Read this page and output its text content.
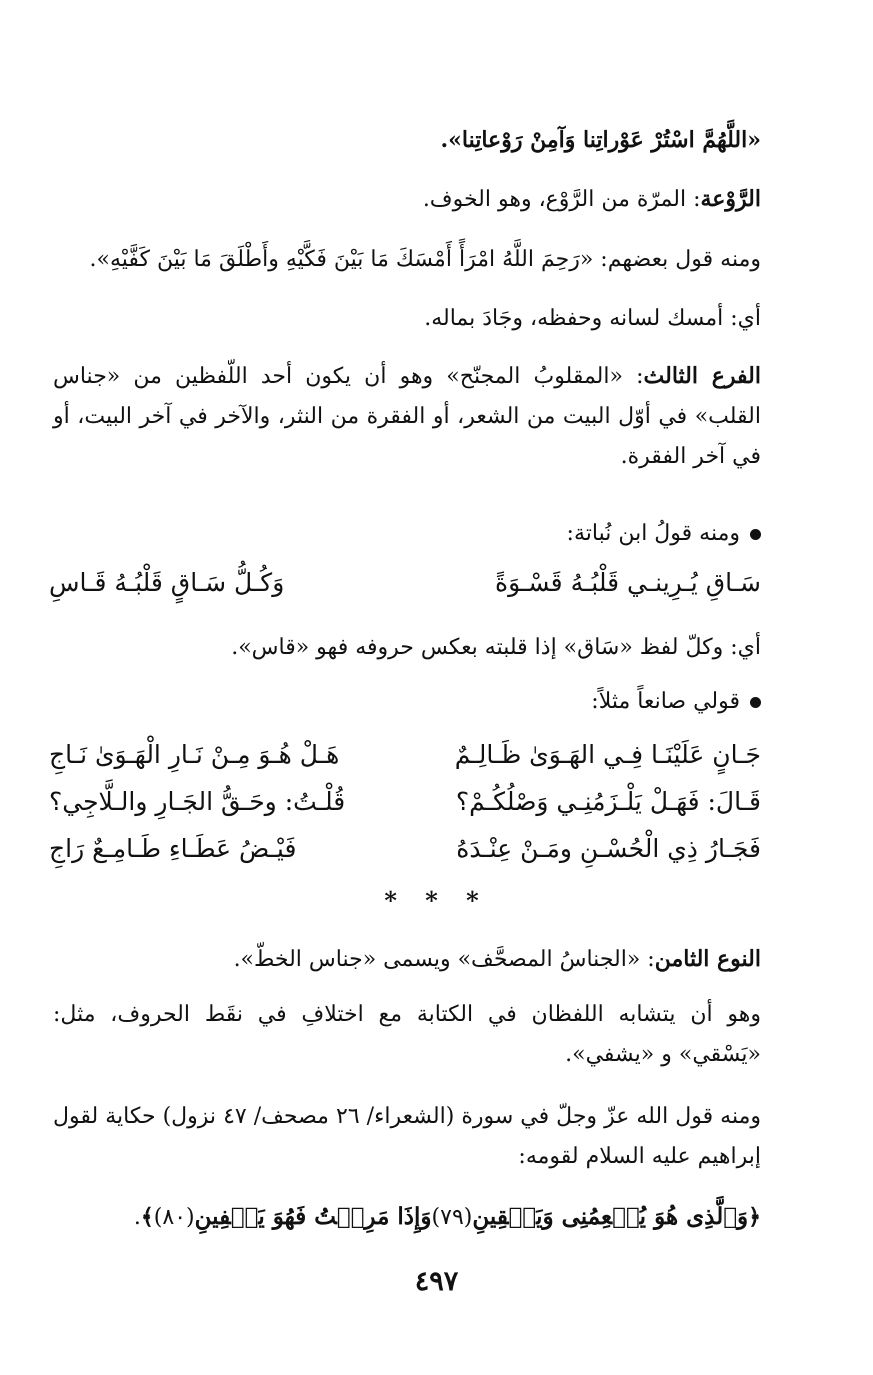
«اللَّهُمَّ اسْتُرْ عَوْراتِنا وَآمِنْ رَوْعاتِنا».
الرَّوْعة: المرّة من الرَّوْع، وهو الخوف.
ومنه قول بعضهم: «رَحِمَ اللَّهُ امْرَأً أَمْسَكَ مَا بَيْنَ فَكَّيْهِ وأَطْلَقَ مَا بَيْنَ كَفَّيْهِ».
أي: أمسك لسانه وحفظه، وجَادَ بماله.
الفرع الثالث: «المقلوبُ المجنّح» وهو أن يكون أحد اللّفظين من «جناس القلب» في أوّل البيت من الشعر، أو الفقرة من النثر، والآخر في آخر البيت، أو في آخر الفقرة.
ومنه قولُ ابن نُباتة:
سَـاقِ يُـرِينـي قَلْبُـهُ قَسْـوَةً
وَكُـلُّ سَـاقٍ قَلْبُـهُ قَـاسِ
أي: وكلّ لفظ «سَاق» إذا قلبته بعكس حروفه فهو «قاس».
قولي صانعاً مثلاً:
جَـانٍ عَلَيْنَـا فِـي الهَـوَىٰ ظَـالِـمٌ
هَـلْ هُـوَ مِـنْ نَـارِ الْهَـوَىٰ نَـاجِ
قَـالَ: فَهَـلْ يَلْـزَمُنِـي وَصْلُكُـمْ؟
قُلْـتُ: وحَـقُّ الجَـارِ والـلَّاجِي؟
فَجَـارُ ذِي الْحُسْـنِ ومَـنْ عِنْـدَهُ
فَيْـضُ عَطَـاءِ طَـامِـعٌ رَاجِ
* * *
النوع الثامن: «الجناسُ المصحَّف» ويسمى «جناس الخطّ».
وهو أن يتشابه اللفظان في الكتابة مع اختلافِ في نقَط الحروف، مثل: «يَسْقي» و «يشفي».
ومنه قول الله عزّ وجلّ في سورة (الشعراء/ ٢٦ مصحف/ ٤٧ نزول) حكاية لقول إبراهيم عليه السلام لقومه:
﴿وَٱلَّذِى هُوَ يُطۡعِمُنِى وَيَسۡقِينِ(٧٩)وَإِذَا مَرِضۡتُ فَهُوَ يَشۡفِينِ(٨٠)﴾.
٤٩٧
